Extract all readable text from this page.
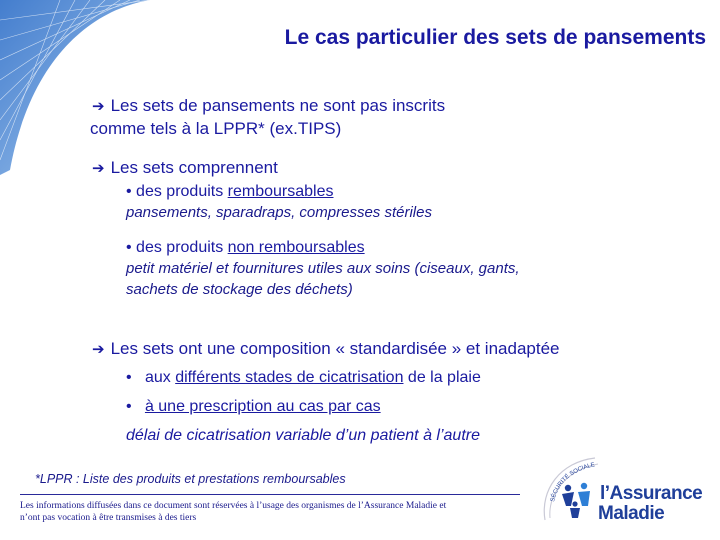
Le cas particulier des sets de pansements
➔ Les sets de pansements ne sont pas inscrits
comme tels à la LPPR* (ex.TIPS)
➔ Les sets comprennent
• des produits remboursables
pansements, sparadraps, compresses stériles
• des produits non remboursables
petit matériel et fournitures utiles aux soins (ciseaux, gants,
sachets de stockage des déchets)
➔ Les sets ont une composition « standardisée » et inadaptée
•   aux différents stades de cicatrisation de la plaie
•   à une prescription au cas par cas
délai de cicatrisation variable d’un patient à l’autre
*LPPR : Liste des produits et prestations remboursables
Les informations diffusées dans ce document sont réservées à l’usage des organismes de l’Assurance Maladie et
n’ont pas vocation à être transmises à des tiers
SÉCURITÉ SOCIALE
l’Assurance
Maladie
